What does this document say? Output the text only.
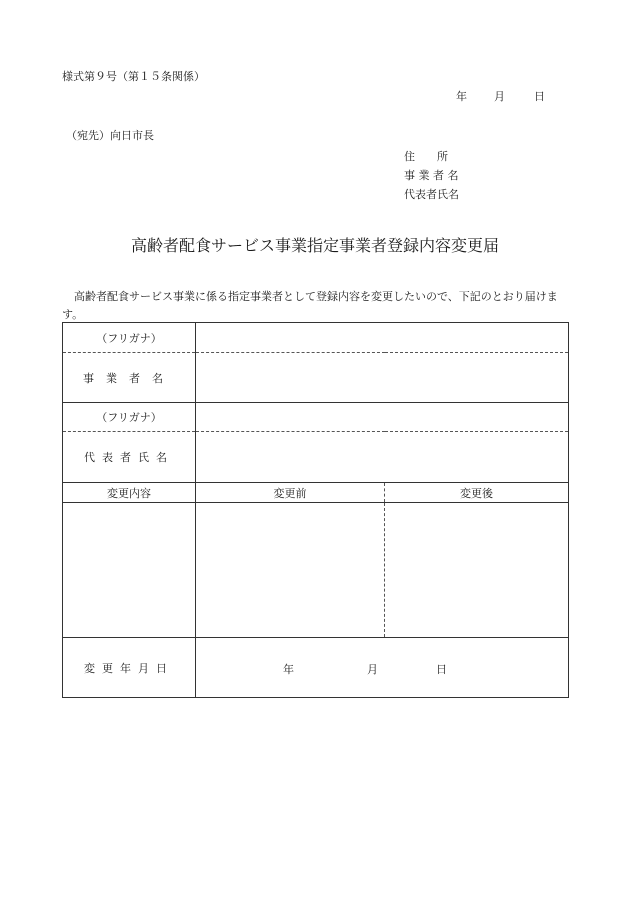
様式第９号（第１５条関係）
年 月	日
（宛先）向日市長
住　　所
事 業 者 名
代表者氏名
高齢者配食サービス事業指定事業者登録内容変更届
高齢者配食サービス事業に係る指定事業者として登録内容を変更したいので、下記のとおり届けます。
（フリガナ）		
事業者名		
（フリガナ）		
代表者氏名		
変更内容	変更前	変更後

変更年月日	年 月 日	
